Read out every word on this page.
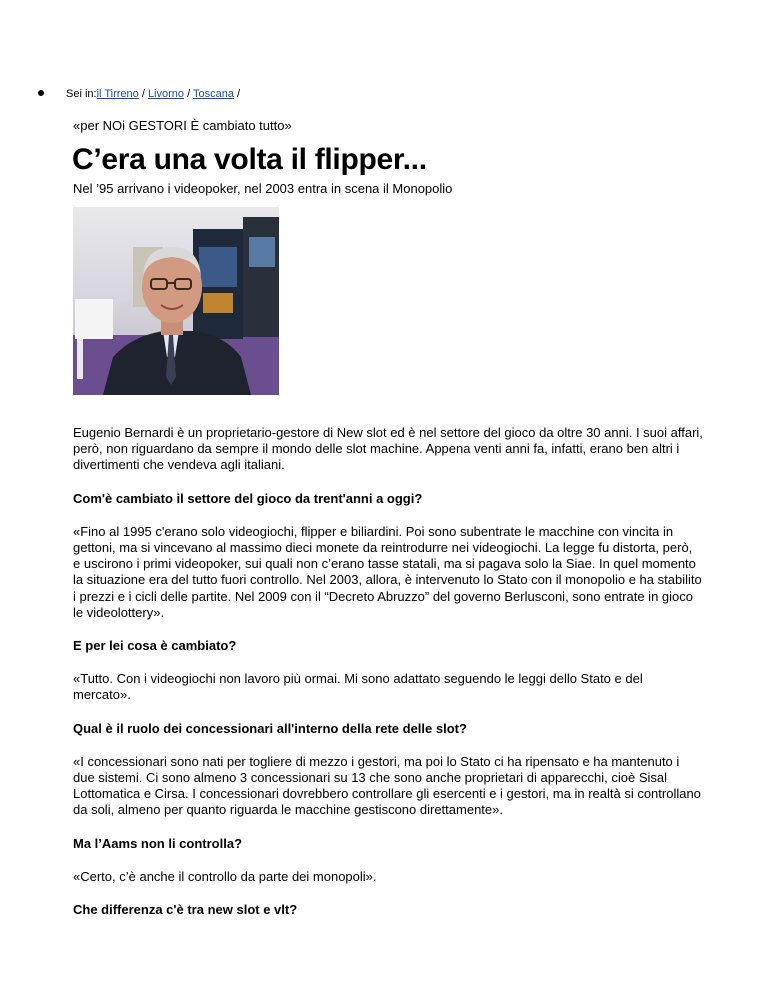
Sei in:il Tirreno / Livorno / Toscana /
«per NOi GESTORI È cambiato tutto»
C’era una volta il flipper...
Nel ’95 arrivano i videopoker, nel 2003 entra in scena il Monopolio

Eugenio Bernardi è un proprietario-gestore di New slot ed è nel settore del gioco da oltre 30 anni. I suoi affari, però, non riguardano da sempre il mondo delle slot machine. Appena venti anni fa, infatti, erano ben altri i divertimenti che vendeva agli italiani.

Com'è cambiato il settore del gioco da trent'anni a oggi?

«Fino al 1995 c'erano solo videogiochi, flipper e biliardini. Poi sono subentrate le macchine con vincita in gettoni, ma si vincevano al massimo dieci monete da reintrodurre nei videogiochi. La legge fu distorta, però, e uscirono i primi videopoker, sui quali non c’erano tasse statali, ma si pagava solo la Siae. In quel momento la situazione era del tutto fuori controllo. Nel 2003, allora, è intervenuto lo Stato con il monopolio e ha stabilito i prezzi e i cicli delle partite. Nel 2009 con il “Decreto Abruzzo” del governo Berlusconi, sono entrate in gioco le videolottery».

E per lei cosa è cambiato?

«Tutto. Con i videogiochi non lavoro più ormai. Mi sono adattato seguendo le leggi dello Stato e del mercato».

Qual è il ruolo dei concessionari all'interno della rete delle slot?

«I concessionari sono nati per togliere di mezzo i gestori, ma poi lo Stato ci ha ripensato e ha mantenuto i due sistemi. Ci sono almeno 3 concessionari su 13 che sono anche proprietari di apparecchi, cioè Sisal Lottomatica e Cirsa. I concessionari dovrebbero controllare gli esercenti e i gestori, ma in realtà si controllano da soli, almeno per quanto riguarda le macchine gestiscono direttamente».

Ma l’Aams non li controlla?

«Certo, c’è anche il controllo da parte dei monopoli».

Che differenza c'è tra new slot e vlt?
